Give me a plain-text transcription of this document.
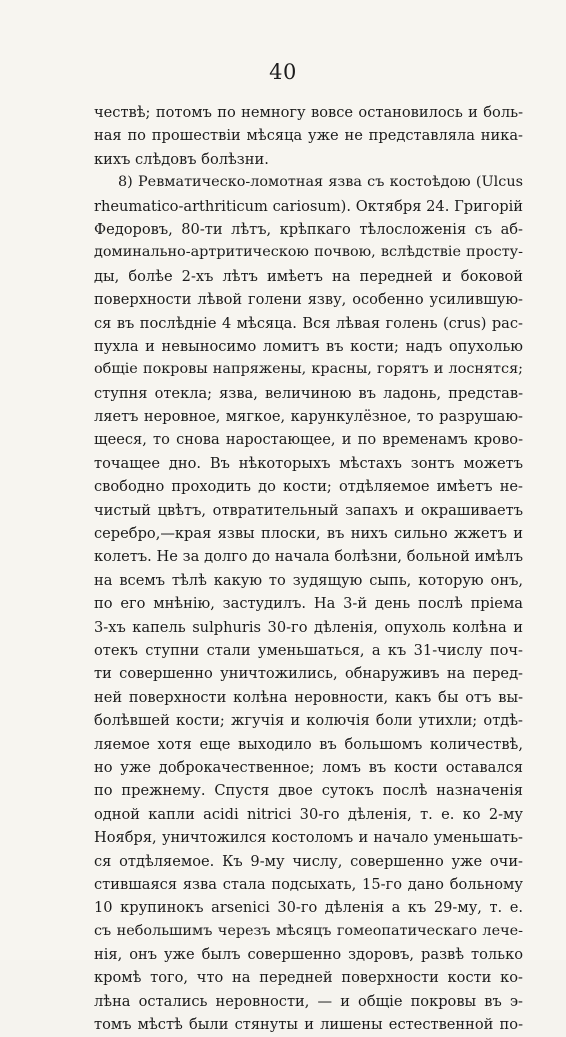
40
чествѣ; потомъ по немногу вовсе остановилось и боль-
ная по прошествіи мѣсяца уже не представляла ника-
кихъ слѣдовъ болѣзни.
8) Ревматическо-ломотная язва съ костоѣдою (Ulcus
rheumatico-arthriticum cariosum). Октября 24. Григорій
Федоровъ, 80-ти лѣтъ, крѣпкаго тѣлосложенія съ аб-
доминально-артритическою почвою, вслѣдствіе просту-
ды, болѣе 2-хъ лѣтъ имѣетъ на передней и боковой
поверхности лѣвой голени язву, особенно усилившую-
ся въ послѣдніе 4 мѣсяца. Вся лѣвая голень (crus) рас-
пухла и невыносимо ломитъ въ кости; надъ опухолью
общіе покровы напряжены, красны, горятъ и лоснятся;
ступня отекла; язва, величиною въ ладонь, представ-
ляетъ неровное, мягкое, карункулёзное, то разрушаю-
щееся, то снова наростающее, и по временамъ крово-
точащее дно. Въ нѣкоторыхъ мѣстахъ зонтъ можетъ
свободно проходить до кости; отдѣляемое имѣетъ не-
чистый цвѣтъ, отвратительный запахъ и окрашиваетъ
серебро,—края язвы плоски, въ нихъ сильно жжетъ и
колетъ. Не за долго до начала болѣзни, больной имѣлъ
на всемъ тѣлѣ какую то зудящую сыпь, которую онъ,
по его мнѣнію, застудилъ. На 3-й день послѣ пріема
3-хъ капель sulphuris 30-го дѣленія, опухоль колѣна и
отекъ ступни стали уменьшаться, а къ 31-числу поч-
ти совершенно уничтожились, обнаруживъ на перед-
ней поверхности колѣна неровности, какъ бы отъ вы-
болѣвшей кости; жгучія и колючія боли утихли; отдѣ-
ляемое хотя еще выходило въ большомъ количествѣ,
но уже доброкачественное; ломъ въ кости оставался
по прежнему. Спустя двое сутокъ послѣ назначенія
одной капли acidi nitrici 30-го дѣленія, т. е. ко 2-му
Ноября, уничтожился костоломъ и начало уменьшать-
ся отдѣляемое. Къ 9-му числу, совершенно уже очи-
стившаяся язва стала подсыхать, 15-го дано больному
10 крупинокъ arsenici 30-го дѣленія а къ 29-му, т. е.
съ небольшимъ черезъ мѣсяцъ гомеопатическаго лече-
нія, онъ уже былъ совершенно здоровъ, развѣ только
кромѣ того, что на передней поверхности кости ко-
лѣна остались неровности, — и общіе покровы въ э-
томъ мѣстѣ были стянуты и лишены естественной по-
